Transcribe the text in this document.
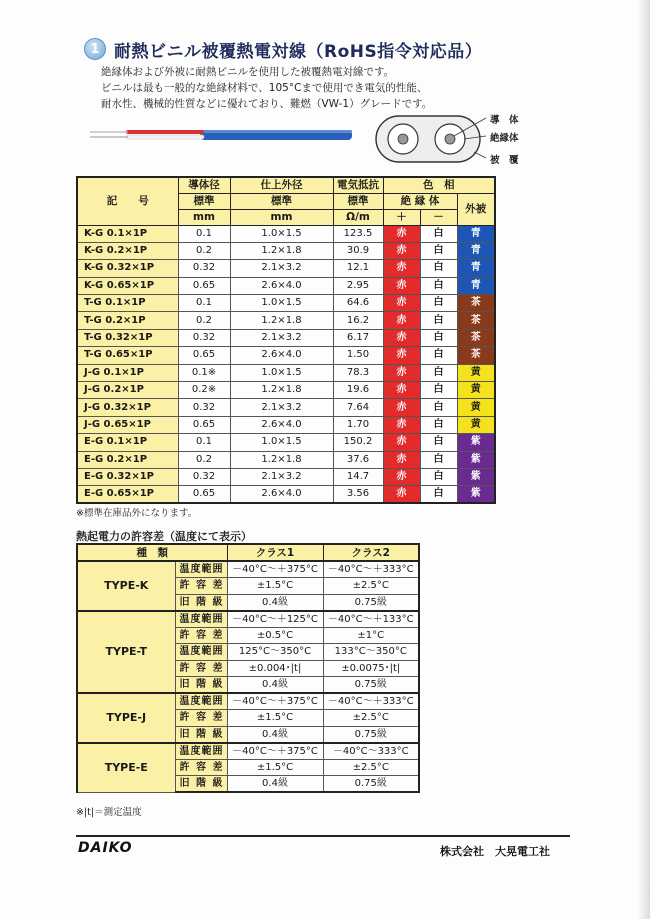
1 耐熱ビニル被覆熱電対線（RoHS指令対応品）
絶縁体および外被に耐熱ビニルを使用した被覆熱電対線です。
ビニルは最も一般的な絶縁材料で、105°Cまで使用でき電気的性能、
耐水性、機械的性質などに優れており、難燃（VW-1）グレードです。
導　体
絶縁体
被　覆
記　　号	導体径	仕上外径	電気抵抗	色　相		
	標準	標準	標準	絶 縁 体		外被
	mm	mm	Ω/m	＋	－	
K-G 0.1×1P	0.1	1.0×1.5	123.5	赤	白	青
K-G 0.2×1P	0.2	1.2×1.8	30.9	赤	白	青
K-G 0.32×1P	0.32	2.1×3.2	12.1	赤	白	青
K-G 0.65×1P	0.65	2.6×4.0	2.95	赤	白	青
T-G 0.1×1P	0.1	1.0×1.5	64.6	赤	白	茶
T-G 0.2×1P	0.2	1.2×1.8	16.2	赤	白	茶
T-G 0.32×1P	0.32	2.1×3.2	6.17	赤	白	茶
T-G 0.65×1P	0.65	2.6×4.0	1.50	赤	白	茶
J-G 0.1×1P	0.1※	1.0×1.5	78.3	赤	白	黄
J-G 0.2×1P	0.2※	1.2×1.8	19.6	赤	白	黄
J-G 0.32×1P	0.32	2.1×3.2	7.64	赤	白	黄
J-G 0.65×1P	0.65	2.6×4.0	1.70	赤	白	黄
E-G 0.1×1P	0.1	1.0×1.5	150.2	赤	白	紫
E-G 0.2×1P	0.2	1.2×1.8	37.6	赤	白	紫
E-G 0.32×1P	0.32	2.1×3.2	14.7	赤	白	紫
E-G 0.65×1P	0.65	2.6×4.0	3.56	赤	白	紫
※標準在庫品外になります。
熱起電力の許容差（温度にて表示）
種　類		クラス1	クラス2
TYPE-K	温度範囲	－40°C～＋375°C	－40°C～＋333°C
	許容差	±1.5°C	±2.5°C
	旧階級	0.4級	0.75級
TYPE-T	温度範囲	－40°C～＋125°C	－40°C～＋133°C
	許容差	±0.5°C	±1°C
	温度範囲	125°C～350°C	133°C～350°C
	許容差	±0.004･|t|	±0.0075･|t|
	旧階級	0.4級	0.75級
TYPE-J	温度範囲	－40°C～＋375°C	－40°C～＋333°C
	許容差	±1.5°C	±2.5°C
	旧階級	0.4級	0.75級
TYPE-E	温度範囲	－40°C～＋375°C	－40°C～333°C
	許容差	±1.5°C	±2.5°C
	旧階級	0.4級	0.75級
※|t|＝測定温度
DAIKO	株式会社　大晃電工社
